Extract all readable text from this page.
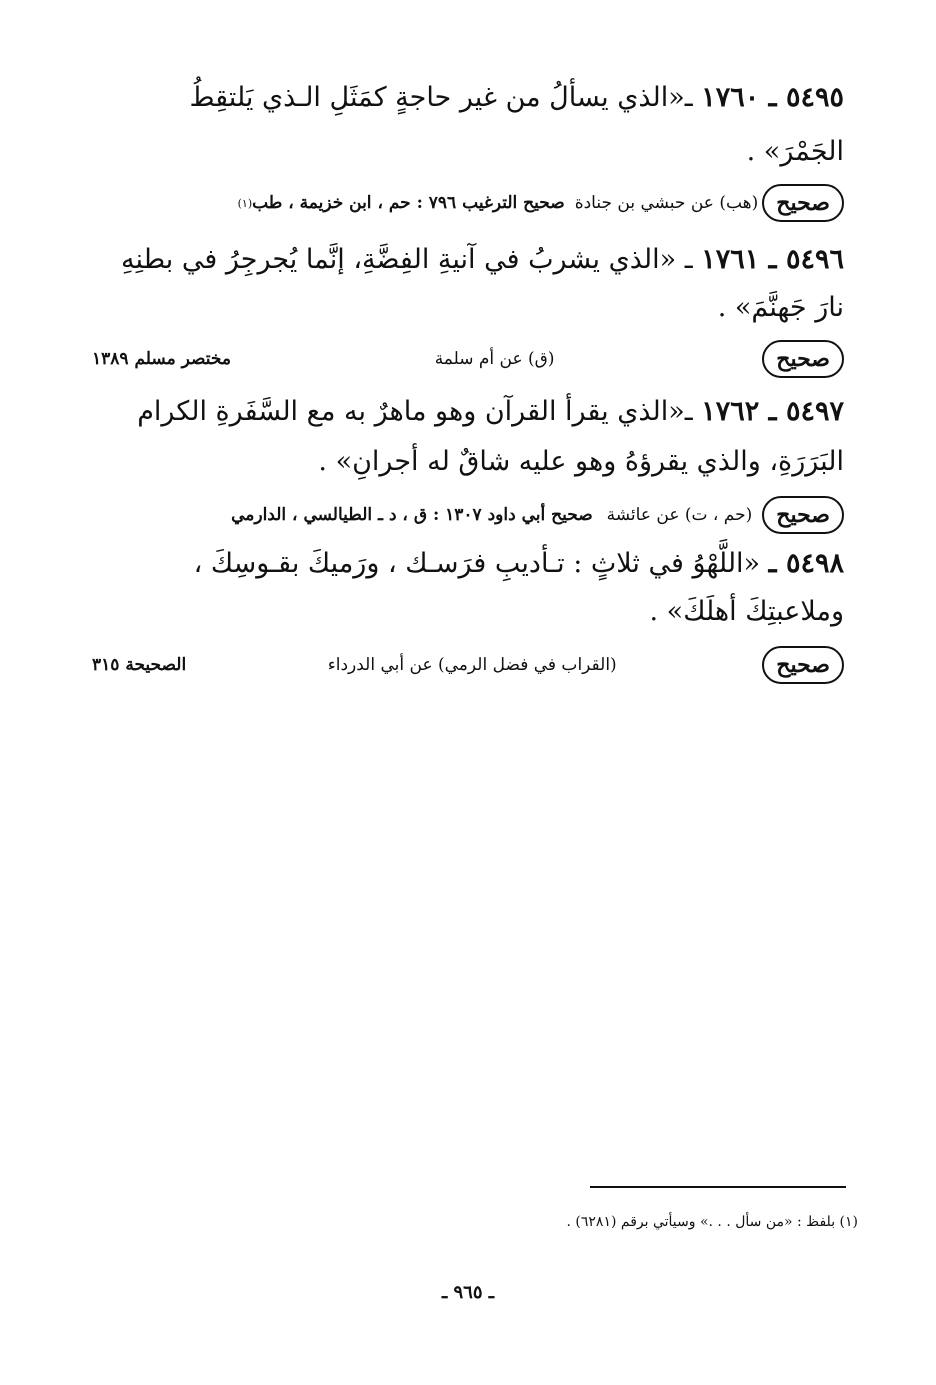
٥٤٩٥ ـ ١٧٦٠ ـ«الذي يسألُ من غير حاجةٍ كمَثَلِ الـذي يَلتقِطُ
الجَمْرَ» .
صحيح
(هب) عن حبشي بن جنادة
صحيح الترغيب ٧٩٦ : حم ، ابن خزيمة ، طب
(١)
٥٤٩٦ ـ ١٧٦١ ـ «الذي يشربُ في آنيةِ الفِضَّةِ، إنَّما يُجرجِرُ في بطنِهِ
نارَ جَهنَّمَ» .
صحيح
(ق) عن أم سلمة
مختصر مسلم ١٣٨٩
٥٤٩٧ ـ ١٧٦٢ ـ«الذي يقرأ القرآن وهو ماهرٌ به مع السَّفَرةِ الكرام
البَرَرَةِ، والذي يقرؤهُ وهو عليه شاقٌ له أجرانِ» .
صحيح
(حم ، ت) عن عائشة
صحيح أبي داود ١٣٠٧ : ق ، د ـ الطيالسي ، الدارمي
٥٤٩٨ ـ «اللَّهْوُ في ثلاثٍ : تـأديبِ فرَسـك ، ورَميكَ بقـوسِكَ ،
وملاعبتِكَ أهلَكَ» .
صحيح
(القراب في فضل الرمي) عن أبي الدرداء
الصحيحة ٣١٥
(١) بلفظ : «من سأل . . .» وسيأتي برقم (٦٢٨١) .
ـ ٩٦٥ ـ
